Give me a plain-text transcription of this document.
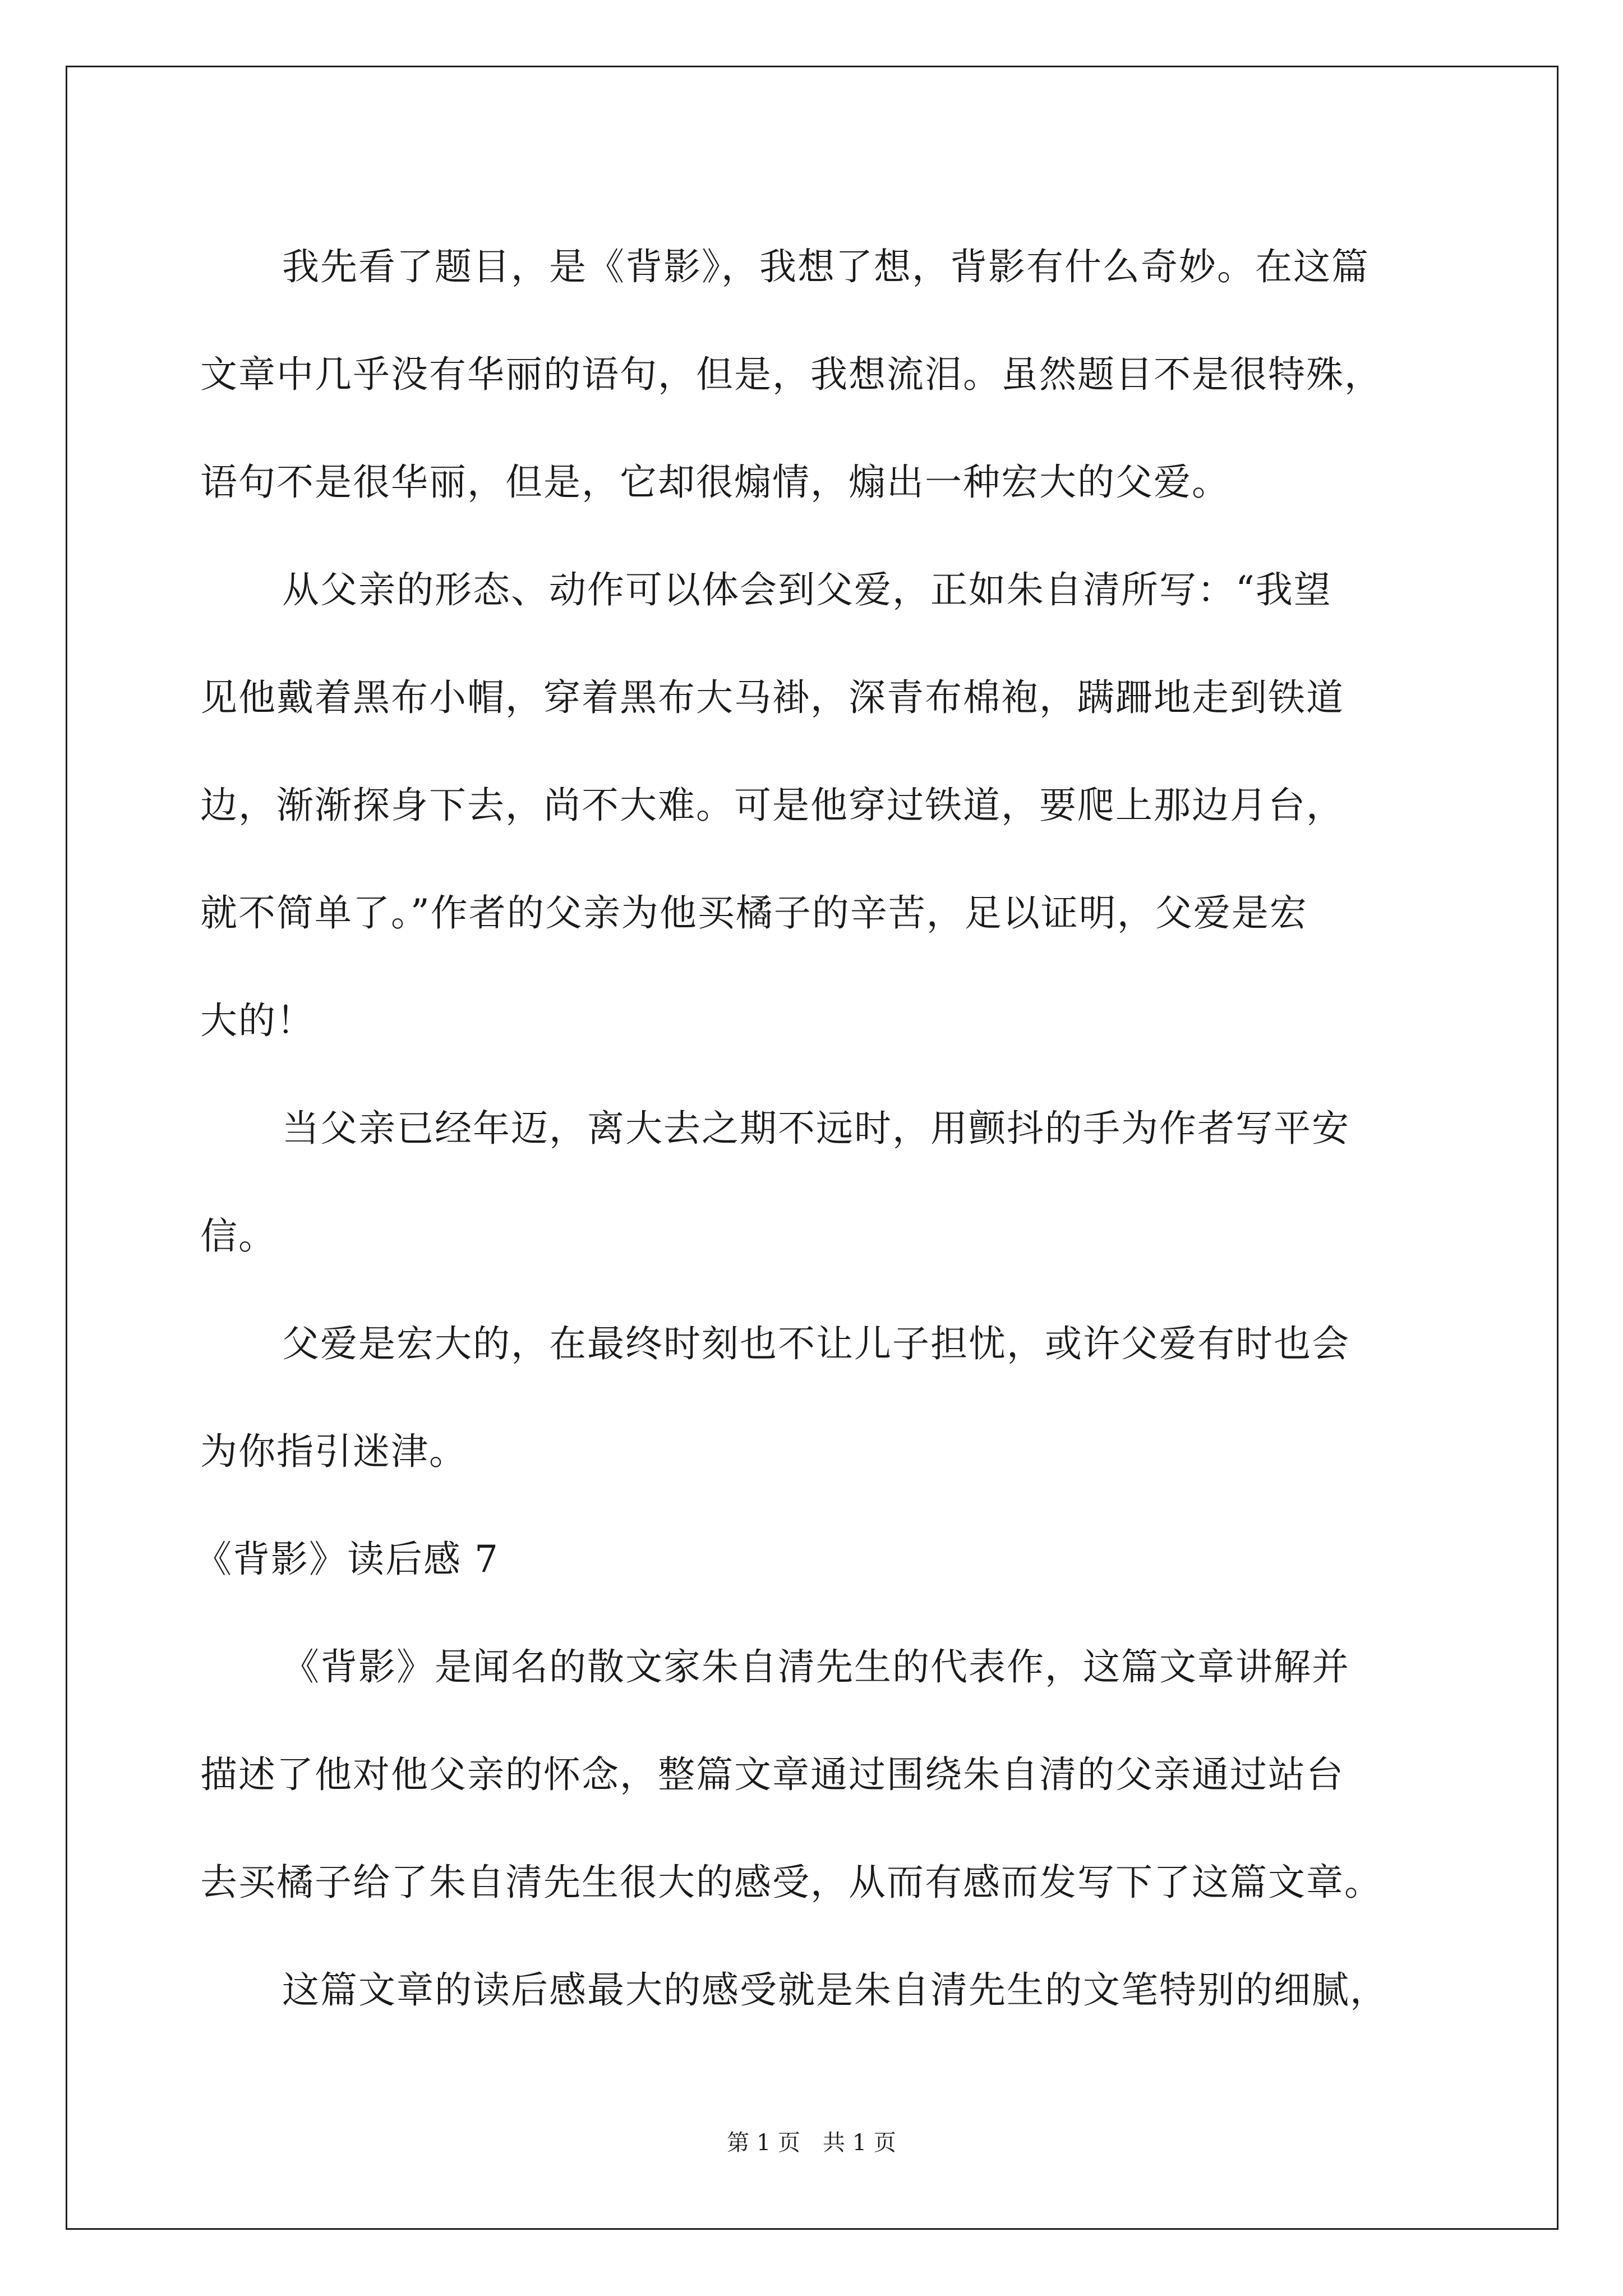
我先看了题目，是《背影》，我想了想，背影有什么奇妙。在这篇
文章中几乎没有华丽的语句，但是，我想流泪。虽然题目不是很特殊，
语句不是很华丽，但是，它却很煽情，煽出一种宏大的父爱。
从父亲的形态、动作可以体会到父爱，正如朱自清所写：“我望
见他戴着黑布小帽，穿着黑布大马褂，深青布棉袍，蹒跚地走到铁道
边，渐渐探身下去，尚不大难。可是他穿过铁道，要爬上那边月台，
就不简单了。”作者的父亲为他买橘子的辛苦，足以证明，父爱是宏
大的！
当父亲已经年迈，离大去之期不远时，用颤抖的手为作者写平安
信。
父爱是宏大的，在最终时刻也不让儿子担忧，或许父爱有时也会
为你指引迷津。
《背影》读后感 7
《背影》是闻名的散文家朱自清先生的代表作，这篇文章讲解并
描述了他对他父亲的怀念，整篇文章通过围绕朱自清的父亲通过站台
去买橘子给了朱自清先生很大的感受，从而有感而发写下了这篇文章。
这篇文章的读后感最大的感受就是朱自清先生的文笔特别的细腻，
第 1 页　共 1 页
